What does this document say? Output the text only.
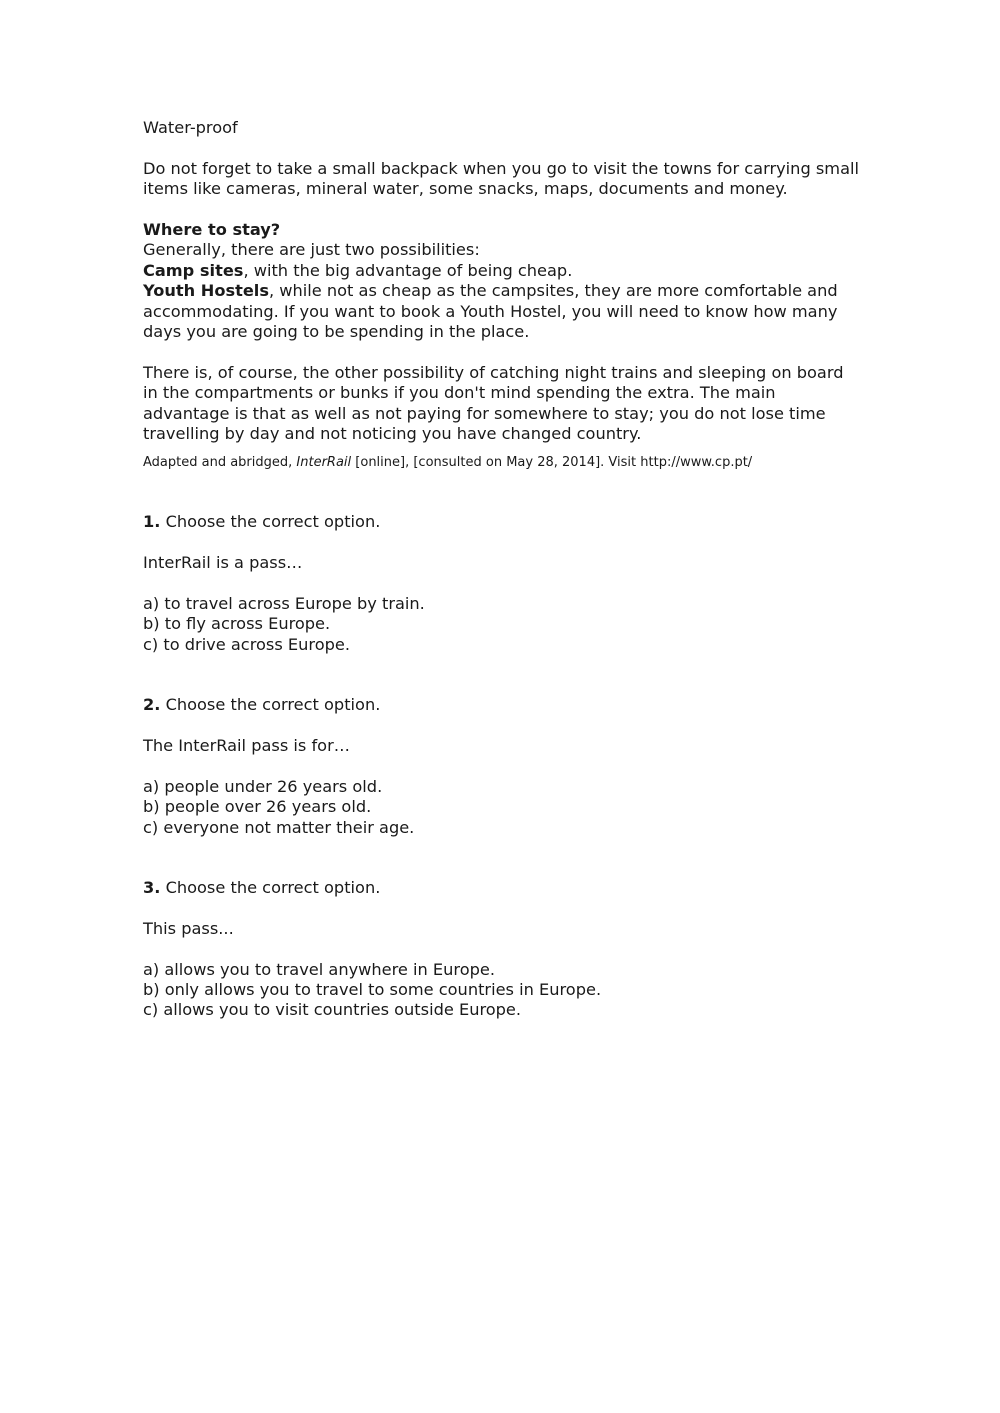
Water-proof

Do not forget to take a small backpack when you go to visit the towns for carrying small items like cameras, mineral water, some snacks, maps, documents and money.

Where to stay?

Generally, there are just two possibilities:

Camp sites, with the big advantage of being cheap.

Youth Hostels, while not as cheap as the campsites, they are more comfortable and accommodating. If you want to book a Youth Hostel, you will need to know how many days you are going to be spending in the place.

There is, of course, the other possibility of catching night trains and sleeping on board in the compartments or bunks if you don't mind spending the extra. The main advantage is that as well as not paying for somewhere to stay; you do not lose time travelling by day and not noticing you have changed country.

Adapted and abridged, InterRail [online], [consulted on May 28, 2014]. Visit http://www.cp.pt/

1. Choose the correct option.

InterRail is a pass…

a) to travel across Europe by train.

b) to fly across Europe.

c) to drive across Europe.

2. Choose the correct option.

The InterRail pass is for…

a) people under 26 years old.

b) people over 26 years old.

c) everyone not matter their age.

3. Choose the correct option.

This pass...

a) allows you to travel anywhere in Europe.

b) only allows you to travel to some countries in Europe.

c) allows you to visit countries outside Europe.
